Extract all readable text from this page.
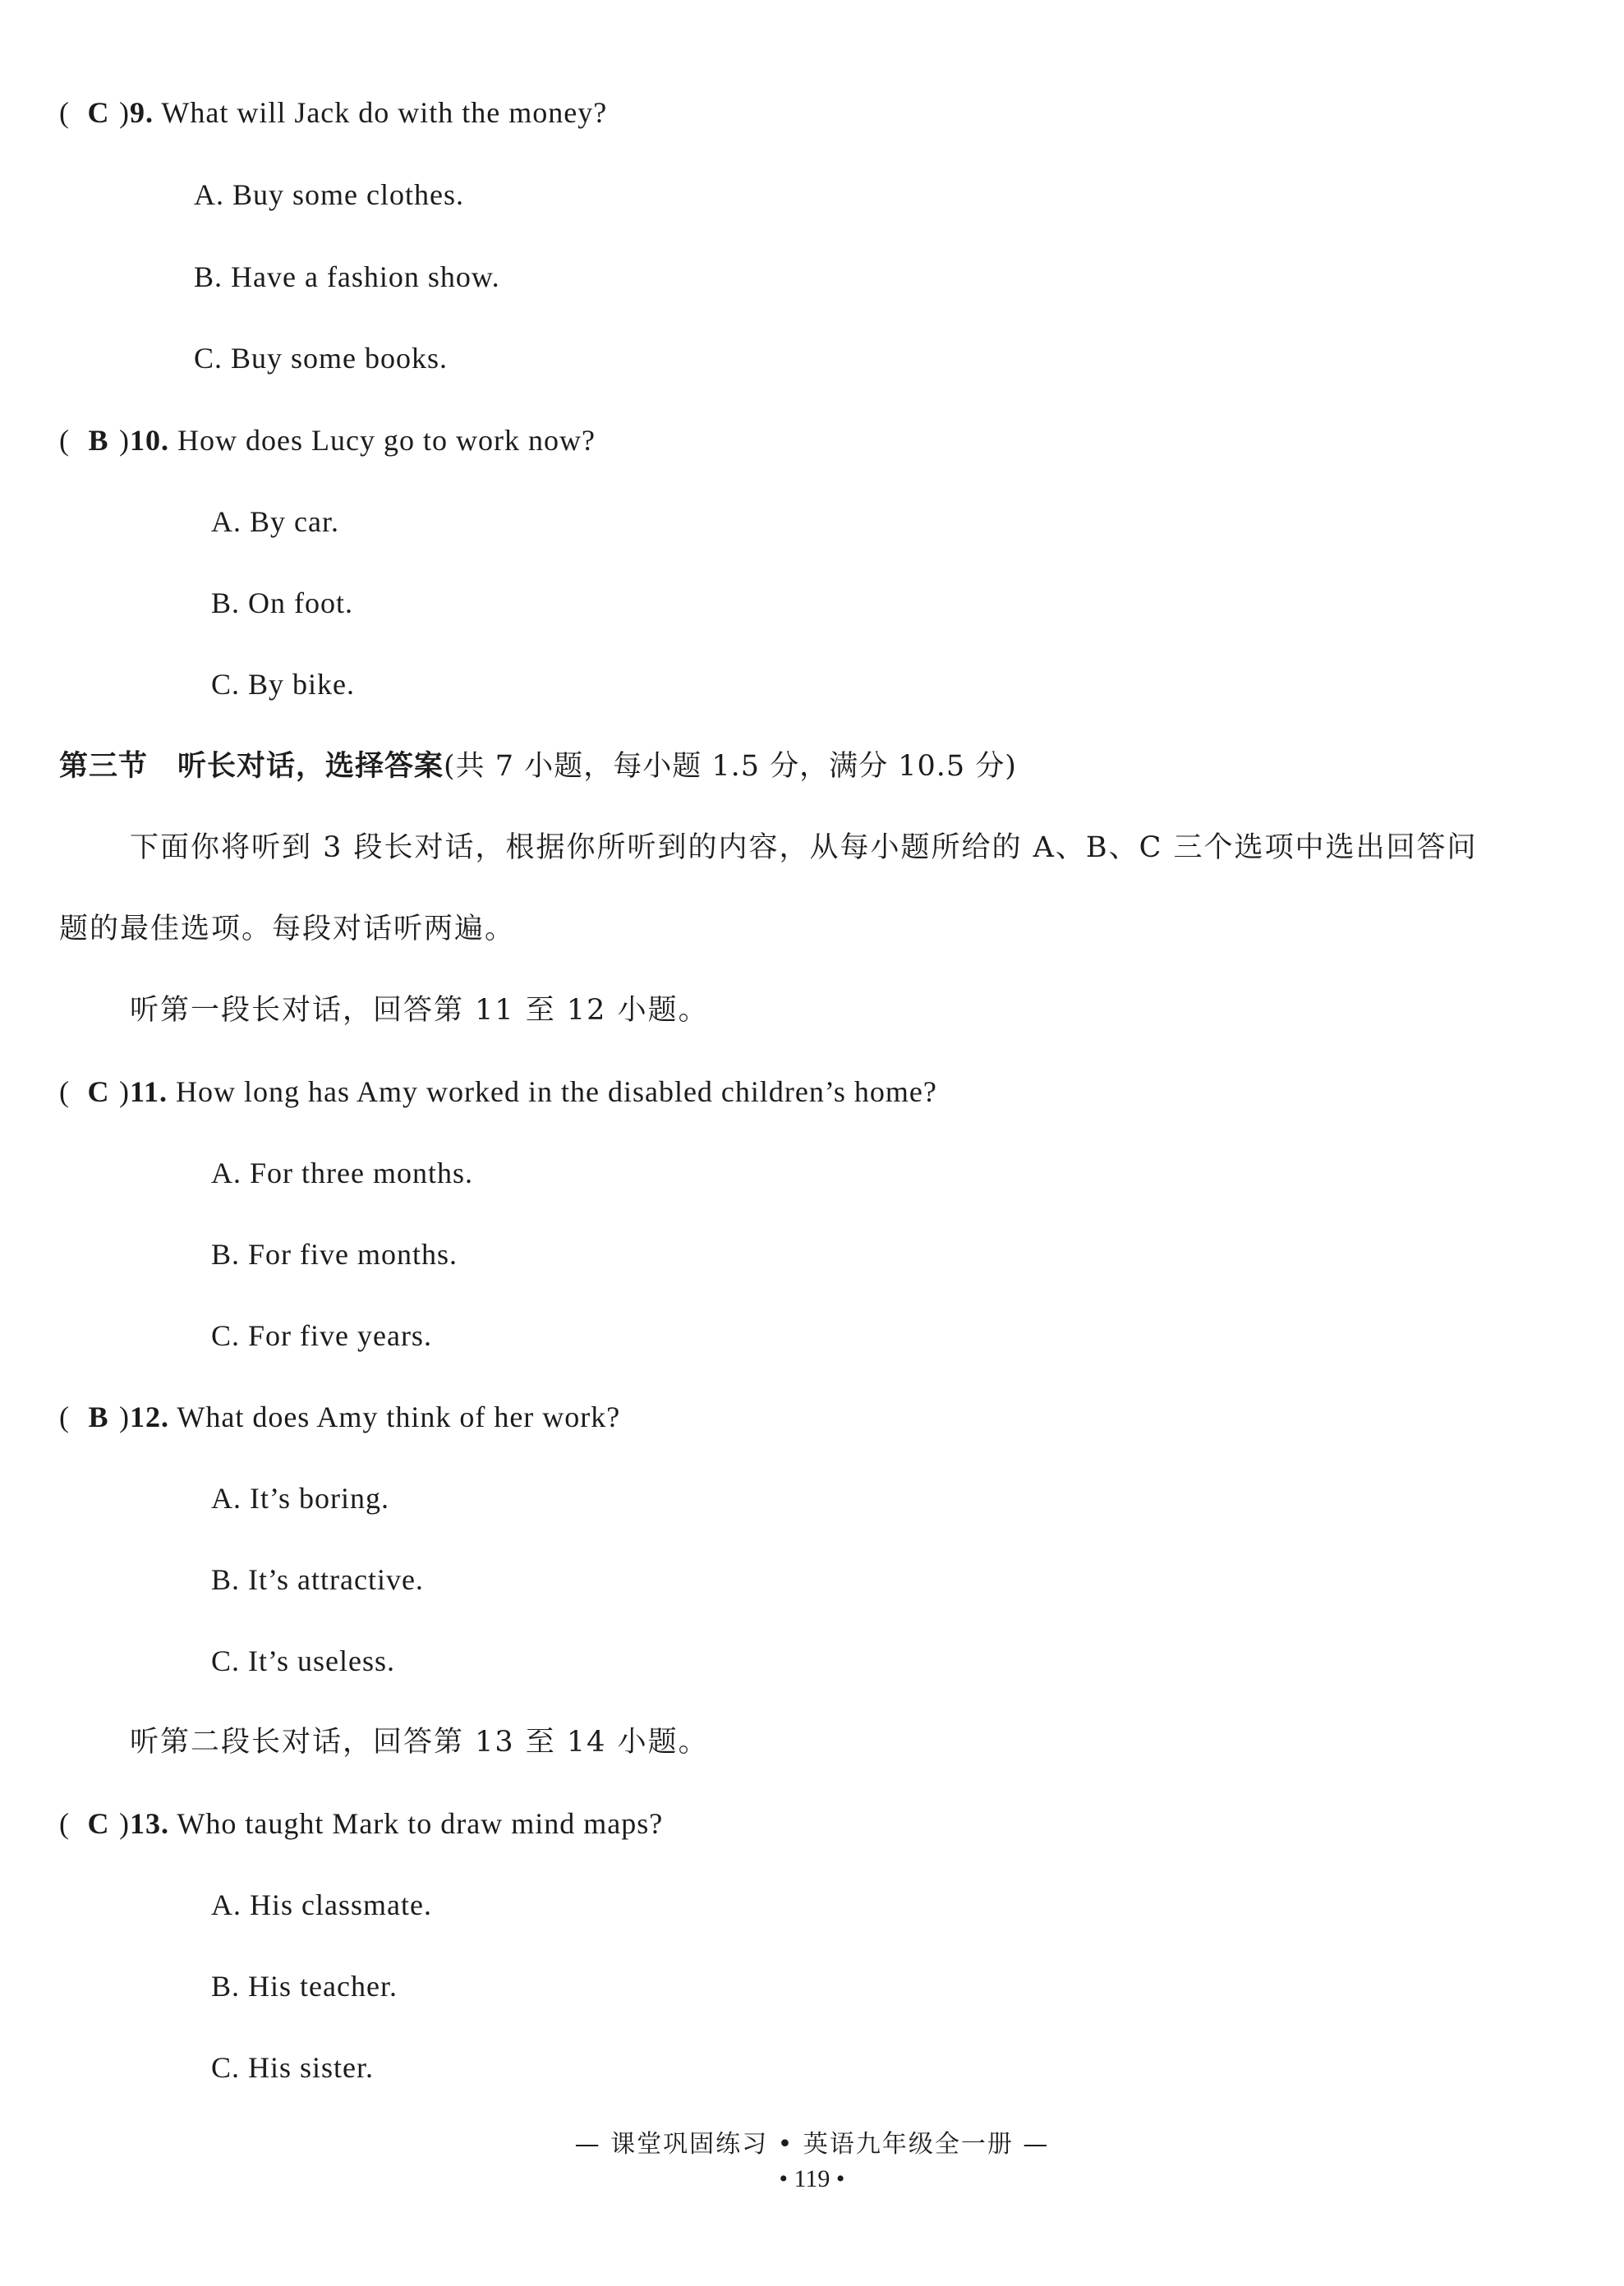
( C )9. What will Jack do with the money?
A. Buy some clothes.
B. Have a fashion show.
C. Buy some books.
( B )10. How does Lucy go to work now?
A. By car.
B. On foot.
C. By bike.
第三节　听长对话，选择答案(共 7 小题，每小题 1.5 分，满分 10.5 分)
下面你将听到 3 段长对话，根据你所听到的内容，从每小题所给的 A、B、C 三个选项中选出回答问
题的最佳选项。每段对话听两遍。
听第一段长对话，回答第 11 至 12 小题。
( C )11. How long has Amy worked in the disabled children’s home?
A. For three months.
B. For five months.
C. For five years.
( B )12. What does Amy think of her work?
A. It’s boring.
B. It’s attractive.
C. It’s useless.
听第二段长对话，回答第 13 至 14 小题。
( C )13. Who taught Mark to draw mind maps?
A. His classmate.
B. His teacher.
C. His sister.
— 课堂巩固练习 • 英语九年级全一册 —
• 119 •
